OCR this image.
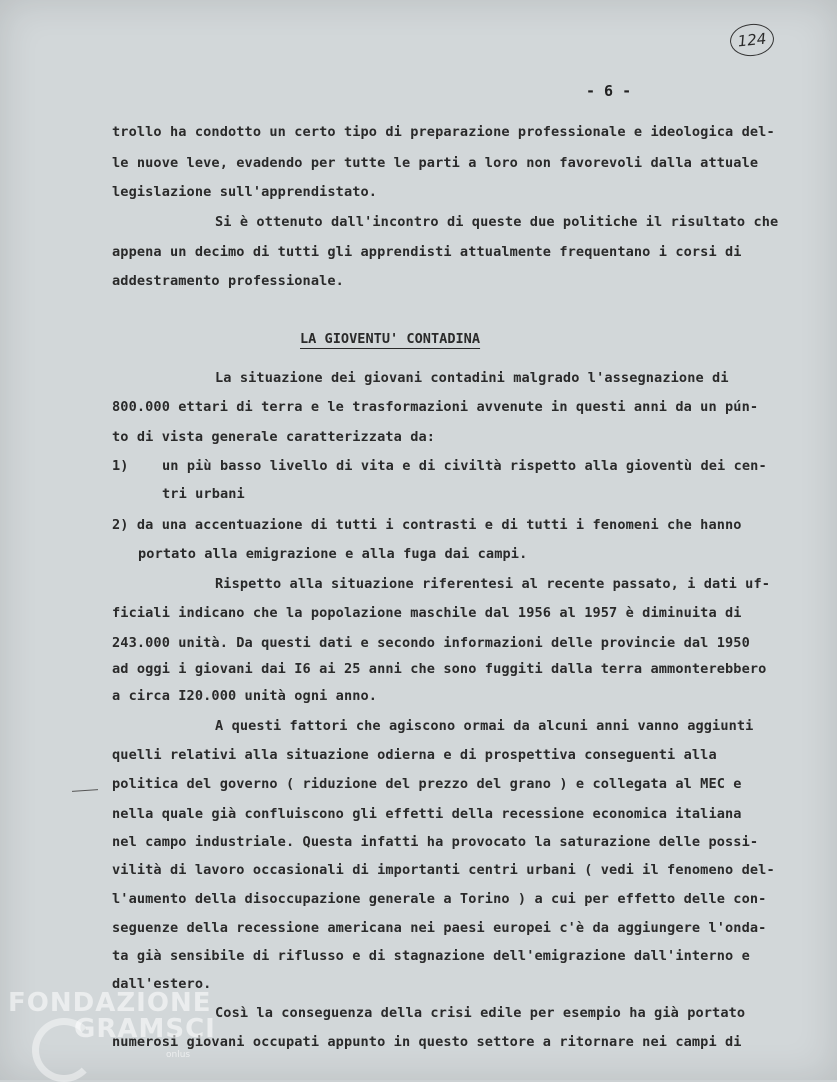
124
- 6 -
trollo ha condotto un certo tipo di preparazione professionale e ideologica del-
le nuove leve, evadendo per tutte le parti a loro non favorevoli dalla attuale
legislazione sull'apprendistato.
Si è ottenuto dall'incontro di queste due politiche il risultato che
appena un decimo di tutti gli apprendisti attualmente frequentano i corsi di
addestramento professionale.
LA GIOVENTU' CONTADINA
La situazione dei giovani contadini malgrado l'assegnazione di
800.000 ettari di terra e le trasformazioni avvenute in questi anni da un pún-
to di vista generale caratterizzata da:
1) un più basso livello di vita e di civiltà rispetto alla gioventù dei cen-
tri urbani
2) da una accentuazione di tutti i contrasti e di tutti i fenomeni che hanno
portato alla emigrazione e alla fuga dai campi.
Rispetto alla situazione riferentesi al recente passato, i dati uf-
ficiali indicano che la popolazione maschile dal 1956 al 1957 è diminuita di
243.000 unità. Da questi dati e secondo informazioni delle provincie dal 1950
ad oggi i giovani dai I6 ai 25 anni che sono fuggiti dalla terra ammonterebbero
a circa I20.000 unità ogni anno.
A questi fattori che agiscono ormai da alcuni anni vanno aggiunti
quelli relativi alla situazione odierna e di prospettiva conseguenti alla
politica del governo ( riduzione del prezzo del grano ) e collegata al MEC e
nella quale già confluiscono gli effetti della recessione economica italiana
nel campo industriale. Questa infatti ha provocato la saturazione delle possi-
vilità di lavoro occasionali di importanti centri urbani ( vedi il fenomeno del-
l'aumento della disoccupazione generale a Torino ) a cui per effetto delle con-
seguenze della recessione americana nei paesi europei c'è da aggiungere l'onda-
ta già sensibile di riflusso e di stagnazione dell'emigrazione dall'interno e
dall'estero.
Così la conseguenza della crisi edile per esempio ha già portato
numerosi giovani occupati appunto in questo settore a ritornare nei campi di
FONDAZIONE
GRAMSCI
onlus
